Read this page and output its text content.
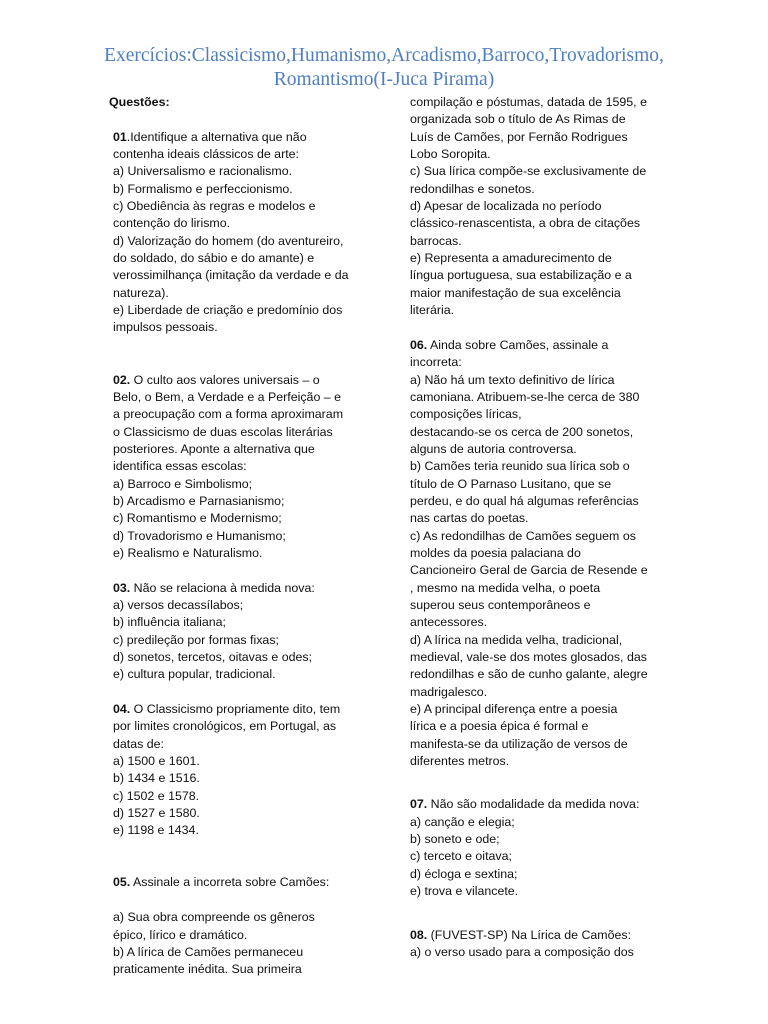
Exercícios:Classicismo,Humanismo,Arcadismo,Barroco,Trovadorismo,
Romantismo(I-Juca Pirama)
Questões:
01.Identifique a alternativa que não
contenha ideais clássicos de arte:
a) Universalismo e racionalismo.
b) Formalismo e perfeccionismo.
c) Obediência às regras e modelos e
contenção do lirismo.
d) Valorização do homem (do aventureiro,
do soldado, do sábio e do amante) e
verossimilhança (imitação da verdade e da
natureza).
e) Liberdade de criação e predomínio dos
impulsos pessoais.
02. O culto aos valores universais – o
Belo, o Bem, a Verdade e a Perfeição – e
a preocupação com a forma aproximaram
o Classicismo de duas escolas literárias
posteriores. Aponte a alternativa que
identifica essas escolas:
a) Barroco e Simbolismo;
b) Arcadismo e Parnasianismo;
c) Romantismo e Modernismo;
d) Trovadorismo e Humanismo;
e) Realismo e Naturalismo.
03. Não se relaciona à medida nova:
a) versos decassílabos;
b) influência italiana;
c) predileção por formas fixas;
d) sonetos, tercetos, oitavas e odes;
e) cultura popular, tradicional.
04. O Classicismo propriamente dito, tem
por limites cronológicos, em Portugal, as
datas de:
a) 1500 e 1601.
b) 1434 e 1516.
c) 1502 e 1578.
d) 1527 e 1580.
e) 1198 e 1434.
05. Assinale a incorreta sobre Camões:
a) Sua obra compreende os gêneros
épico, lírico e dramático.
b) A lírica de Camões permaneceu
praticamente inédita. Sua primeira
compilação e póstumas, datada de 1595, e
organizada sob o título de As Rimas de
Luís de Camões, por Fernão Rodrigues
Lobo Soropita.
c) Sua lírica compõe-se exclusivamente de
redondilhas e sonetos.
d) Apesar de localizada no período
clássico-renascentista, a obra de citações
barrocas.
e) Representa a amadurecimento de
língua portuguesa, sua estabilização e a
maior manifestação de sua excelência
literária.
06. Ainda sobre Camões, assinale a
incorreta:
a) Não há um texto definitivo de lírica
camoniana. Atribuem-se-lhe cerca de 380
composições líricas,
destacando-se os cerca de 200 sonetos,
alguns de autoria controversa.
b) Camões teria reunido sua lírica sob o
título de O Parnaso Lusitano, que se
perdeu, e do qual há algumas referências
nas cartas do poetas.
c) As redondilhas de Camões seguem os
moldes da poesia palaciana do
Cancioneiro Geral de Garcia de Resende e
, mesmo na medida velha, o poeta
superou seus contemporâneos e
antecessores.
d) A lírica na medida velha, tradicional,
medieval, vale-se dos motes glosados, das
redondilhas e são de cunho galante, alegre
madrigalesco.
e) A principal diferença entre a poesia
lírica e a poesia épica é formal e
manifesta-se da utilização de versos de
diferentes metros.
07. Não são modalidade da medida nova:
a) canção e elegia;
b) soneto e ode;
c) terceto e oitava;
d) écloga e sextina;
e) trova e vilancete.
08. (FUVEST-SP) Na Lírica de Camões:
a) o verso usado para a composição dos
